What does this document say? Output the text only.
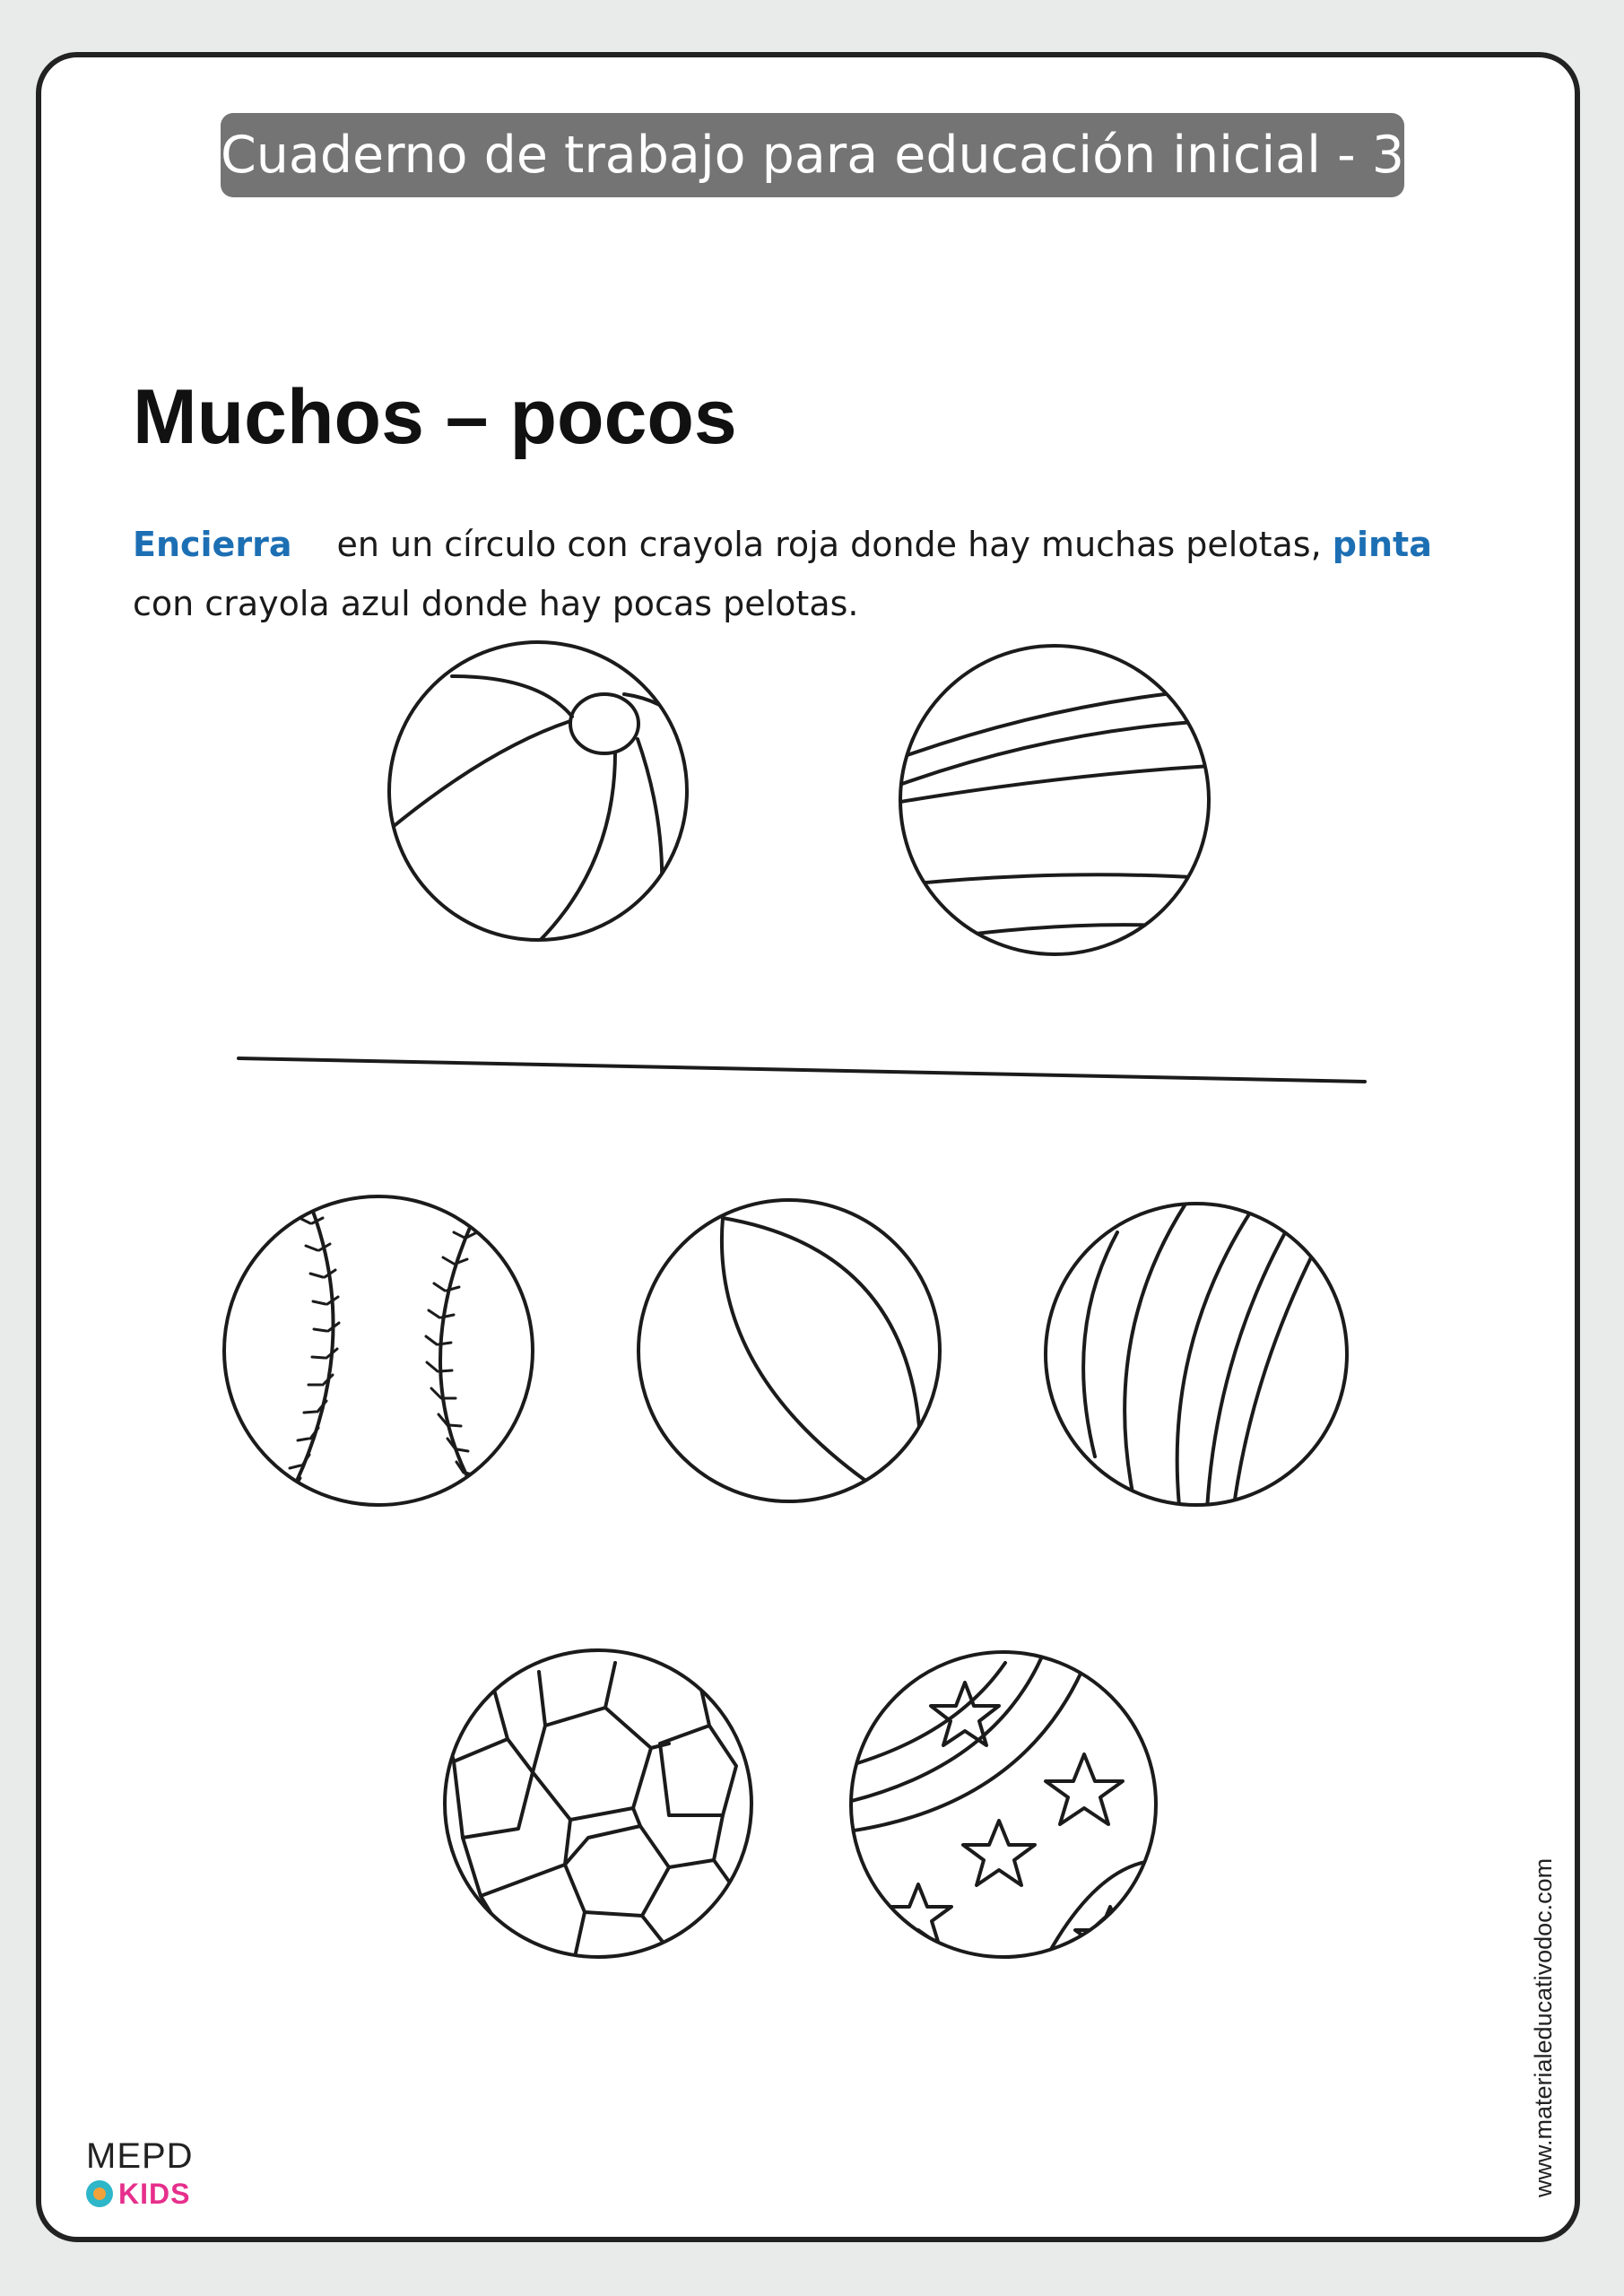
Cuaderno de trabajo para educación inicial - 3 años
Muchos – pocos
Encierra en un círculo con crayola roja donde hay muchas pelotas, pinta con crayola azul donde hay pocas pelotas.
www.materialeducativodoc.com
MEPD
KIDS
